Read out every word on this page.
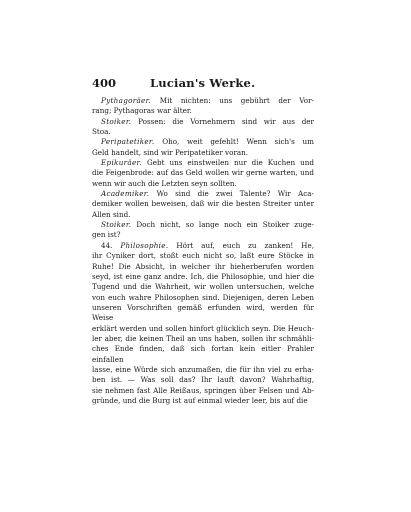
400	Lucian's Werke.
Pythagoräer. Mit nichten: uns gebührt der Vor-
rang; Pythagoras war älter.
Stoiker. Possen: die Vornehmern sind wir aus der
Stoa.
Peripatetiker. Oho, weit gefehlt! Wenn sich's um
Geld handelt, sind wir Peripatetiker voran.
Epikuräer. Gebt uns einstweilen nur die Kuchen und
die Feigenbrode: auf das Geld wollen wir gerne warten, und
wenn wir auch die Letzten seyn sollten.
Academiker. Wo sind die zwei Talente? Wir Aca-
demiker wollen beweisen, daß wir die besten Streiter unter
Allen sind.
Stoiker. Doch nicht, so lange noch ein Stoiker zuge-
gen ist?
44. Philosophie. Hört auf, euch zu zanken! He,
ihr Cyniker dort, stoßt euch nicht so, laßt eure Stöcke in
Ruhe! Die Absicht, in welcher ihr hieherberufen worden
seyd, ist eine ganz andre. Ich, die Philosophie, und hier die
Tugend und die Wahrheit, wir wollen untersuchen, welche
von euch wahre Philosophen sind. Diejenigen, deren Leben
unseren Vorschriften gemäß erfunden wird, werden für Weise
erklärt werden und sollen hinfort glücklich seyn. Die Heuch-
ler aber, die keinen Theil an uns haben, sollen ihr schmähli-
ches Ende finden, daß sich fortan kein eitler Prahler einfallen
lasse, eine Würde sich anzumaßen, die für ihn viel zu erha-
ben ist. — Was soll das? Ihr lauft davon? Wahrhaftig,
sie nehmen fast Alle Reißaus, springen über Felsen und Ab-
gründe, und die Burg ist auf einmal wieder leer, bis auf die
